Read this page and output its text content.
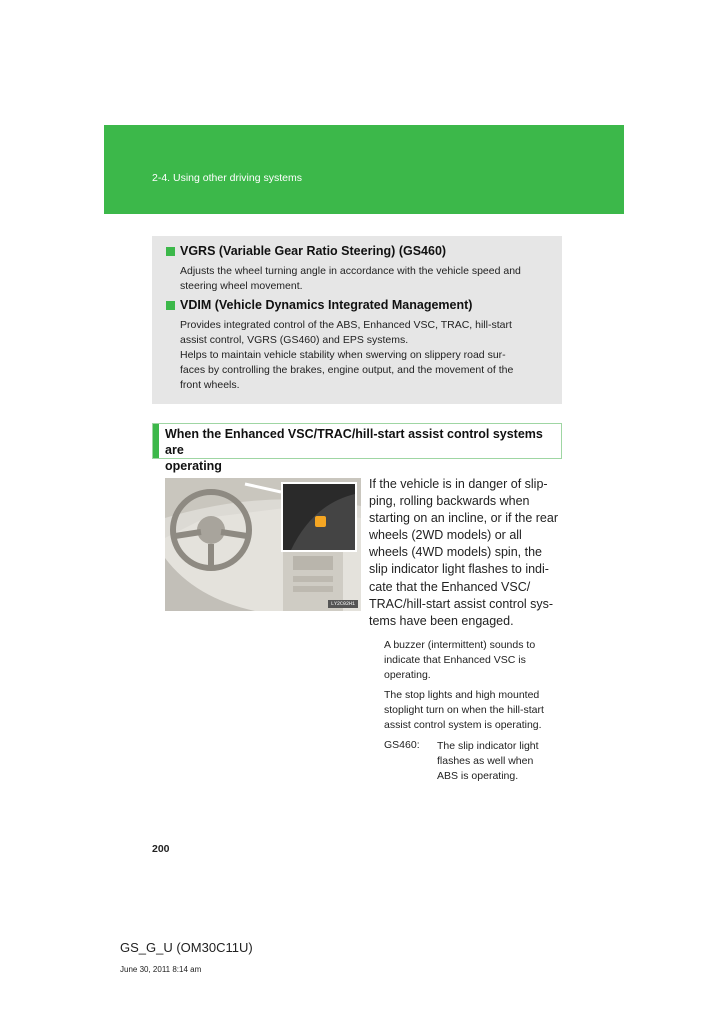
2-4. Using other driving systems
VGRS (Variable Gear Ratio Steering) (GS460)
Adjusts the wheel turning angle in accordance with the vehicle speed and
steering wheel movement.
VDIM (Vehicle Dynamics Integrated Management)
Provides integrated control of the ABS, Enhanced VSC, TRAC, hill-start
assist control, VGRS (GS460) and EPS systems.
Helps to maintain vehicle stability when swerving on slippery road sur-
faces by controlling the brakes, engine output, and the movement of the
front wheels.
When the Enhanced VSC/TRAC/hill-start assist control systems are
operating
LY2C02H1
If the vehicle is in danger of slip-
ping, rolling backwards when
starting on an incline, or if the rear
wheels (2WD models) or all
wheels (4WD models) spin, the
slip indicator light flashes to indi-
cate that the Enhanced VSC/
TRAC/hill-start assist control sys-
tems have been engaged.
A buzzer (intermittent) sounds to
indicate that Enhanced VSC is
operating.
The stop lights and high mounted
stoplight turn on when the hill-start
assist control system is operating.
GS460: The slip indicator light
flashes as well when
ABS is operating.
200
GS_G_U (OM30C11U)
June 30, 2011 8:14 am
